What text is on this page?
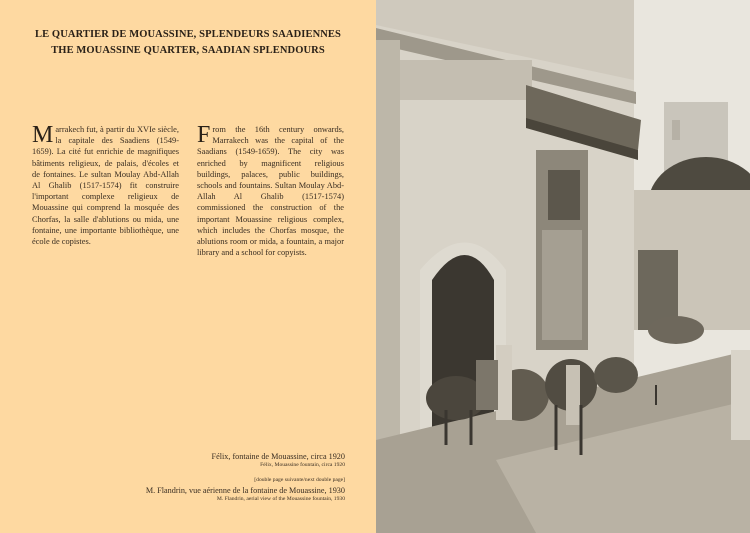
LE QUARTIER DE MOUASSINE, SPLENDEURS SAADIENNES
THE MOUASSINE QUARTER, SAADIAN SPLENDOURS
Marrakech fut, à partir du XVIe siècle, la capitale des Saadiens (1549-1659). La cité fut enrichie de magnifiques bâtiments religieux, de palais, d'écoles et de fontaines. Le sultan Moulay Abd-Allah Al Ghalib (1517-1574) fit construire l'important complexe religieux de Mouassine qui comprend la mosquée des Chorfas, la salle d'ablutions ou mida, une fontaine, une importante bibliothèque, une école de copistes.
From the 16th century onwards, Marrakech was the capital of the Saadians (1549-1659). The city was enriched by magnificent religious buildings, palaces, public buildings, schools and fountains. Sultan Moulay Abd-Allah Al Ghalib (1517-1574) commissioned the construction of the important Mouassine religious complex, which includes the Chorfas mosque, the ablutions room or mida, a fountain, a major library and a school for copyists.
Félix, fontaine de Mouassine, circa 1920
Félix, Mouassine fountain, circa 1920
[double page suivante/next double page]
M. Flandrin, vue aérienne de la fontaine de Mouassine, 1930
M. Flandrin, aerial view of the Mouassine fountain, 1930
